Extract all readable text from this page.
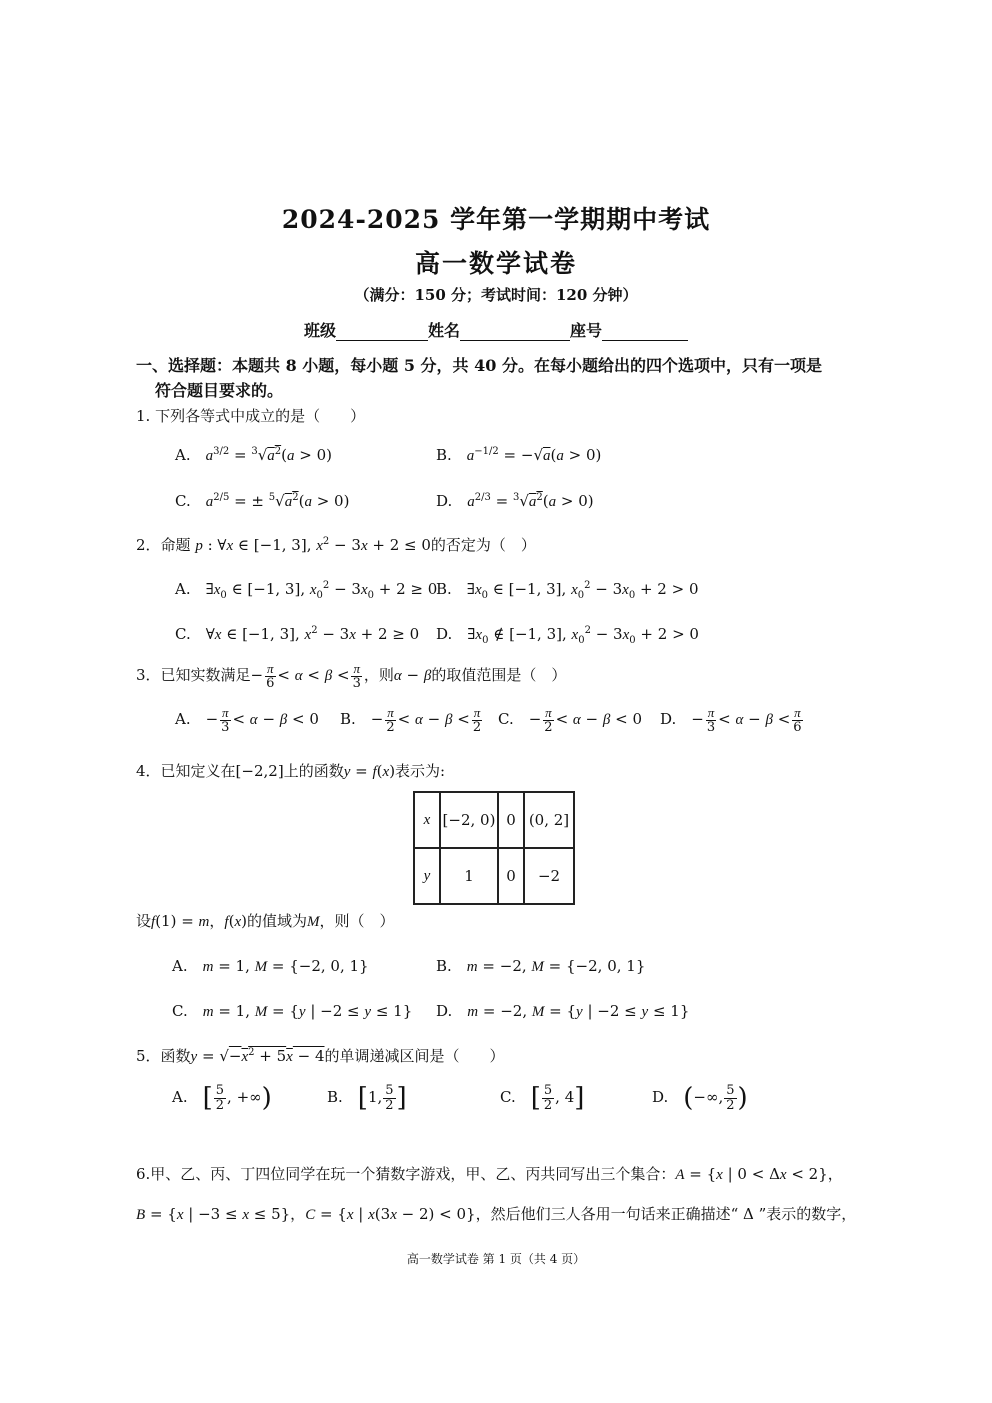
2024-2025 学年第一学期期中考试
高一数学试卷
（满分：150 分；考试时间：120 分钟）
班级	姓名	座号
一、选择题：本题共 8 小题，每小题 5 分，共 40 分。在每小题给出的四个选项中，只有一项是
符合题目要求的。
1. 下列各等式中成立的是（　　）
A.　$a^{3/2} = ^3√a^2(a > 0)$	B.　$a^{-1/2} = -√a(a > 0)$
C.　$a^{2/5}$ = ± $^5√a^2(a > 0)$	D.　$a^{2/3} = ^3√a^2(a > 0)$
2．命题 p : ∀x ∈ [−1, 3], $x^2 - 3x + 2 \le 0$的否定为（　）
A.　$\exists x_0$ ∈ [−1, 3], $x_0^2 - 3x_0 + 2 \ge 0$
B.　$\exists x_0$ ∈ [−1, 3], $x_0^2 - 3x_0 + 2 > 0$
C.　∀x ∈ [−1, 3], $x^2 - 3x + 2 \ge 0$ D.　$\exists x_0$ ∉ [−1, 3], $x_0^2 - 3x_0 + 2 > 0$
3．已知实数满足− $\frac{\pi}{6} < \alpha < \beta < \frac{\pi}{3}$ ，则α − β的取值范围是（　）
A.　− $\frac{\pi}{3} < \alpha - \beta < 0$ B.　− $\frac{\pi}{2} < \alpha - \beta < \frac{\pi}{2} C$.　− $\frac{\pi}{2} < \alpha - \beta < 0$ D.　− $\frac{\pi}{3} < \alpha - \beta < \frac{\pi}{6}$
4．已知定义在[−2,2]上的函数y = f(x)表示为:
x	[−2, 0)	0	(0, 2]
y	1	0	−2
设f(1) = m，f(x)的值域为M，则（　）
A.　m = 1, M = {−2, 0, 1}	B.　m = −2, M = {−2, 0, 1}
C.　m = 1, M = {y | −2 ≤ y ≤ 1} D.　m = −2, M = {y | −2 ≤ y ≤ 1}
5．函数$y = √-x^2 + 5x - 4$的单调递减区间是（　　）
A.　[ $\frac{5}{2}$ , +∞)	B.　[1, $\frac{5}{2}$ ]	C.　[ $\frac{5}{2}$ , 4]	D.　(−∞, $\frac{5}{2}$ )
6.甲、乙、丙、丁四位同学在玩一个猜数字游戏，甲、乙、丙共同写出三个集合：A = {x | 0 < Δx < 2}，
B = {x | −3 ≤ x ≤ 5}，C = {x | x(3x − 2) < 0}，然后他们三人各用一句话来正确描述“ Δ ”表示的数字，
高一数学试卷 第 1 页（共 4 页）
